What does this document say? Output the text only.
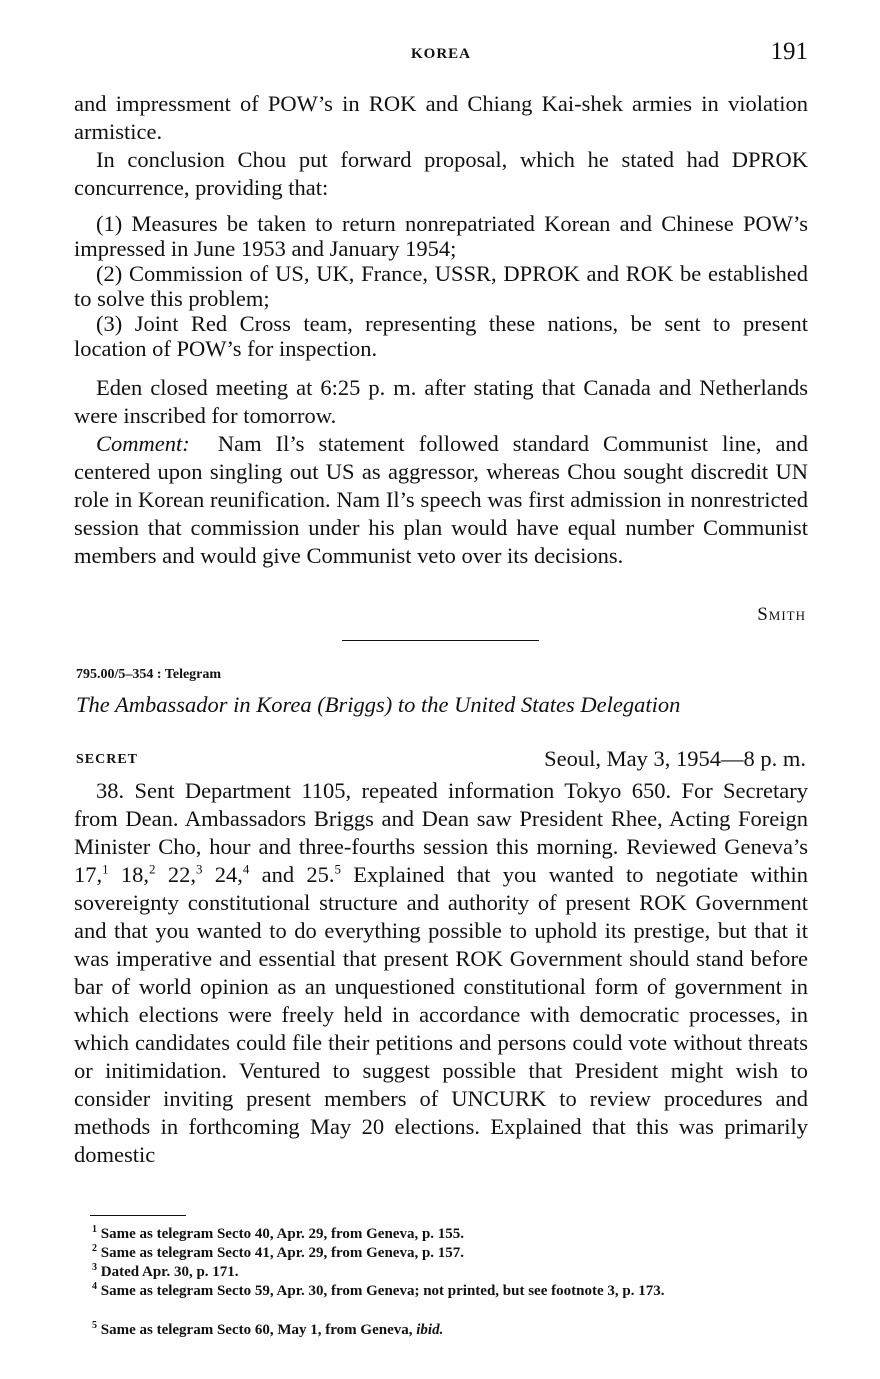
KOREA	191

and impressment of POW’s in ROK and Chiang Kai-shek armies in violation armistice.

In conclusion Chou put forward proposal, which he stated had DPROK concurrence, providing that:

(1) Measures be taken to return nonrepatriated Korean and Chinese POW’s impressed in June 1953 and January 1954;

(2) Commission of US, UK, France, USSR, DPROK and ROK be established to solve this problem;

(3) Joint Red Cross team, representing these nations, be sent to present location of POW’s for inspection.

Eden closed meeting at 6:25 p. m. after stating that Canada and Netherlands were inscribed for tomorrow.

Comment: Nam Il’s statement followed standard Communist line, and centered upon singling out US as aggressor, whereas Chou sought discredit UN role in Korean reunification. Nam Il’s speech was first admission in nonrestricted session that commission under his plan would have equal number Communist members and would give Communist veto over its decisions.

Smith
795.00/5–354 : Telegram
The Ambassador in Korea (Briggs) to the United States Delegation
SECRET	Seoul, May 3, 1954—8 p. m.

38. Sent Department 1105, repeated information Tokyo 650. For Secretary from Dean. Ambassadors Briggs and Dean saw President Rhee, Acting Foreign Minister Cho, hour and three-fourths session this morning. Reviewed Geneva’s 17,$^1$ 18,$^2$ 22,$^3$ 24,$^4$ and 25.$^5$ Explained that you wanted to negotiate within sovereignty constitutional structure and authority of present ROK Government and that you wanted to do everything possible to uphold its prestige, but that it was imperative and essential that present ROK Government should stand before bar of world opinion as an unquestioned constitutional form of government in which elections were freely held in accordance with democratic processes, in which candidates could file their petitions and persons could vote without threats or initimidation. Ventured to suggest possible that President might wish to consider inviting present members of UNCURK to review procedures and methods in forthcoming May 20 elections. Explained that this was primarily domestic

$^1$ Same as telegram Secto 40, Apr. 29, from Geneva, p. 155.
$^2$ Same as telegram Secto 41, Apr. 29, from Geneva, p. 157.
$^3$ Dated Apr. 30, p. 171.
$^4$ Same as telegram Secto 59, Apr. 30, from Geneva; not printed, but see footnote 3, p. 173.
$^5$ Same as telegram Secto 60, May 1, from Geneva, ibid.
